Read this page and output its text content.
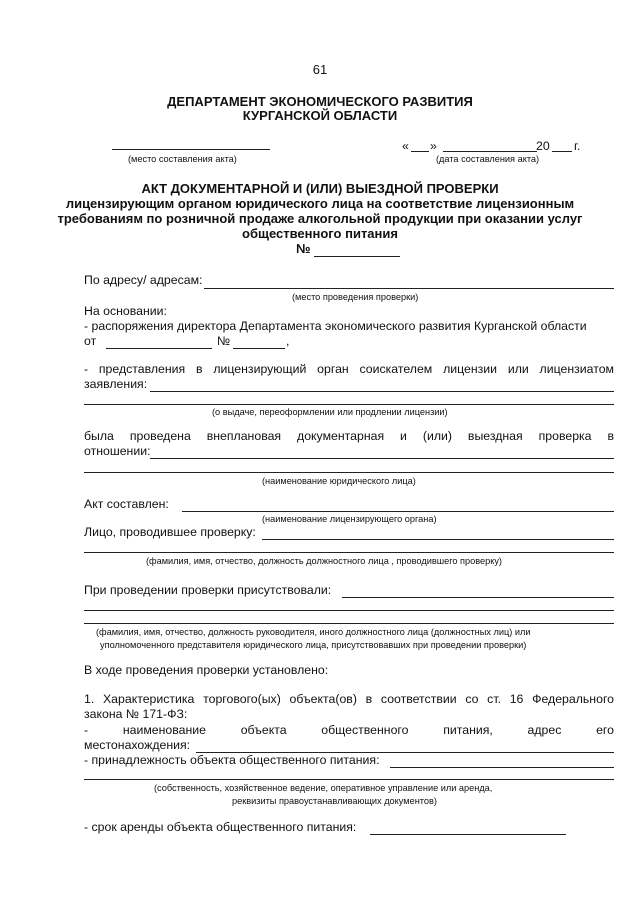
61
ДЕПАРТАМЕНТ ЭКОНОМИЧЕСКОГО РАЗВИТИЯ
КУРГАНСКОЙ ОБЛАСТИ
(место составления акта)
« »	20 г.
(дата составления акта)
АКТ ДОКУМЕНТАРНОЙ И (ИЛИ) ВЫЕЗДНОЙ ПРОВЕРКИ
лицензирующим органом юридического лица на соответствие лицензионным
требованиям по розничной продаже алкогольной продукции при оказании услуг
общественного питания
№
По адресу/ адресам:
(место проведения проверки)
На основании:
- распоряжения директора Департамента экономического развития Курганской области
от	№	,
- представления в лицензирующий орган соискателем лицензии или лицензиатом
заявления:
(о выдаче, переоформлении или продлении лицензии)
была проведена внеплановая документарная и (или) выездная проверка в
отношении:
(наименование юридического лица)
Акт составлен:
(наименование лицензирующего органа)
Лицо, проводившее проверку:
(фамилия, имя, отчество, должность должностного лица , проводившего проверку)
При проведении проверки присутствовали:
(фамилия, имя, отчество, должность руководителя, иного должностного лица (должностных лиц) или
уполномоченного представителя юридического лица, присутствовавших при проведении проверки)
В ходе проведения проверки установлено:
1. Характеристика торгового(ых) объекта(ов) в соответствии со ст. 16 Федерального
закона № 171-ФЗ:
- наименование объекта общественного питания, адрес его
местонахождения:
- принадлежность объекта общественного питания:
(собственность, хозяйственное ведение, оперативное управление или аренда,
реквизиты правоустанавливающих документов)
- срок аренды объекта общественного питания:
